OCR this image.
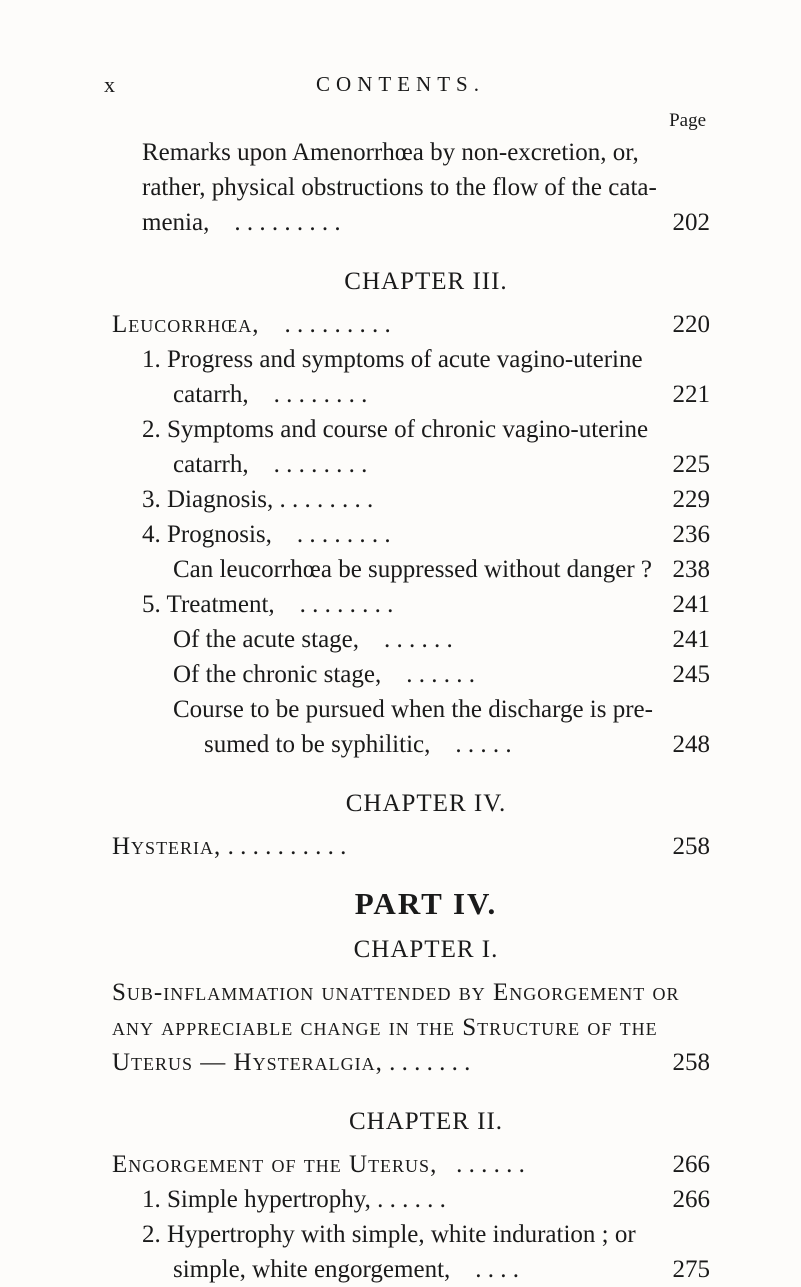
x	CONTENTS.
Page
Remarks upon Amenorrhœa by non-excretion, or,
rather, physical obstructions to the flow of the cata-
menia, . . . . . . . . .	202
CHAPTER III.
Leucorrhœa, . . . . . . . . .	220
1. Progress and symptoms of acute vagino-uterine
catarrh, . . . . . . . .	221
2. Symptoms and course of chronic vagino-uterine
catarrh, . . . . . . . .	225
3. Diagnosis, . . . . . . . .	229
4. Prognosis, . . . . . . . .	236
Can leucorrhœa be suppressed without danger ? 238
5. Treatment, . . . . . . . .	241
Of the acute stage, . . . . . .	241
Of the chronic stage, . . . . . .	245
Course to be pursued when the discharge is pre-
sumed to be syphilitic, . . . . .	248
CHAPTER IV.
Hysteria, . . . . . . . . . .	258
PART IV.
CHAPTER I.
Sub-inflammation unattended by Engorgement or
any appreciable change in the Structure of the
Uterus — Hysteralgia, . . . . . . .	258
CHAPTER II.
Engorgement of the Uterus, . . . . . .	266
1. Simple hypertrophy, . . . . . .	266
2. Hypertrophy with simple, white induration ; or
simple, white engorgement, . . . .	275
